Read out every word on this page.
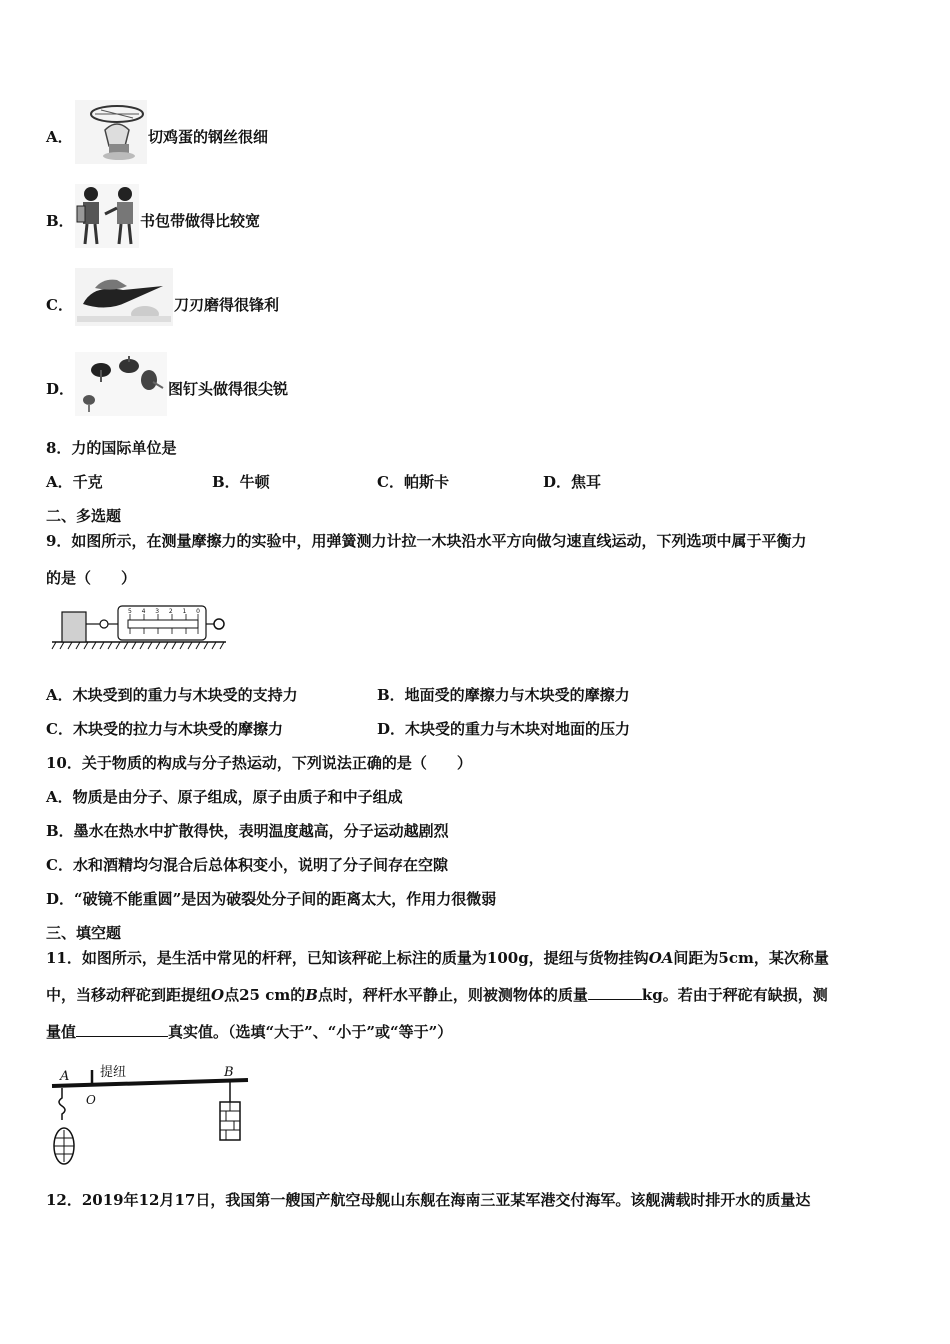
A．	切鸡蛋的钢丝很细
B．	书包带做得比较宽
C．	刀刃磨得很锋利
D．	图钉头做得很尖锐
8．力的国际单位是
A．千克	B．牛顿	C．帕斯卡	D．焦耳
二、多选题
9．如图所示，在测量摩擦力的实验中，用弹簧测力计拉一木块沿水平方向做匀速直线运动，下列选项中属于平衡力
的是（　　）
5 4 3 2 1 0
A．木块受到的重力与木块受的支持力	B．地面受的摩擦力与木块受的摩擦力
C．木块受的拉力与木块受的摩擦力	D．木块受的重力与木块对地面的压力
10．关于物质的构成与分子热运动，下列说法正确的是（　　）
A．物质是由分子、原子组成，原子由质子和中子组成
B．墨水在热水中扩散得快，表明温度越高，分子运动越剧烈
C．水和酒精均匀混合后总体积变小，说明了分子间存在空隙
D．“破镜不能重圆”是因为破裂处分子间的距离太大，作用力很微弱
三、填空题
11．如图所示，是生活中常见的杆秤，已知该秤砣上标注的质量为100g，提纽与货物挂钩OA间距为5cm，某次称量
中，当移动秤砣到距提纽O点25 cm的B点时，秤杆水平静止，则被测物体的质量	kg。若由于秤砣有缺损，测
量值	真实值。（选填“大于”、“小于”或“等于”）
A 提纽	B
O
12．2019年12月17日，我国第一艘国产航空母舰山东舰在海南三亚某军港交付海军。该舰满载时排开水的质量达
